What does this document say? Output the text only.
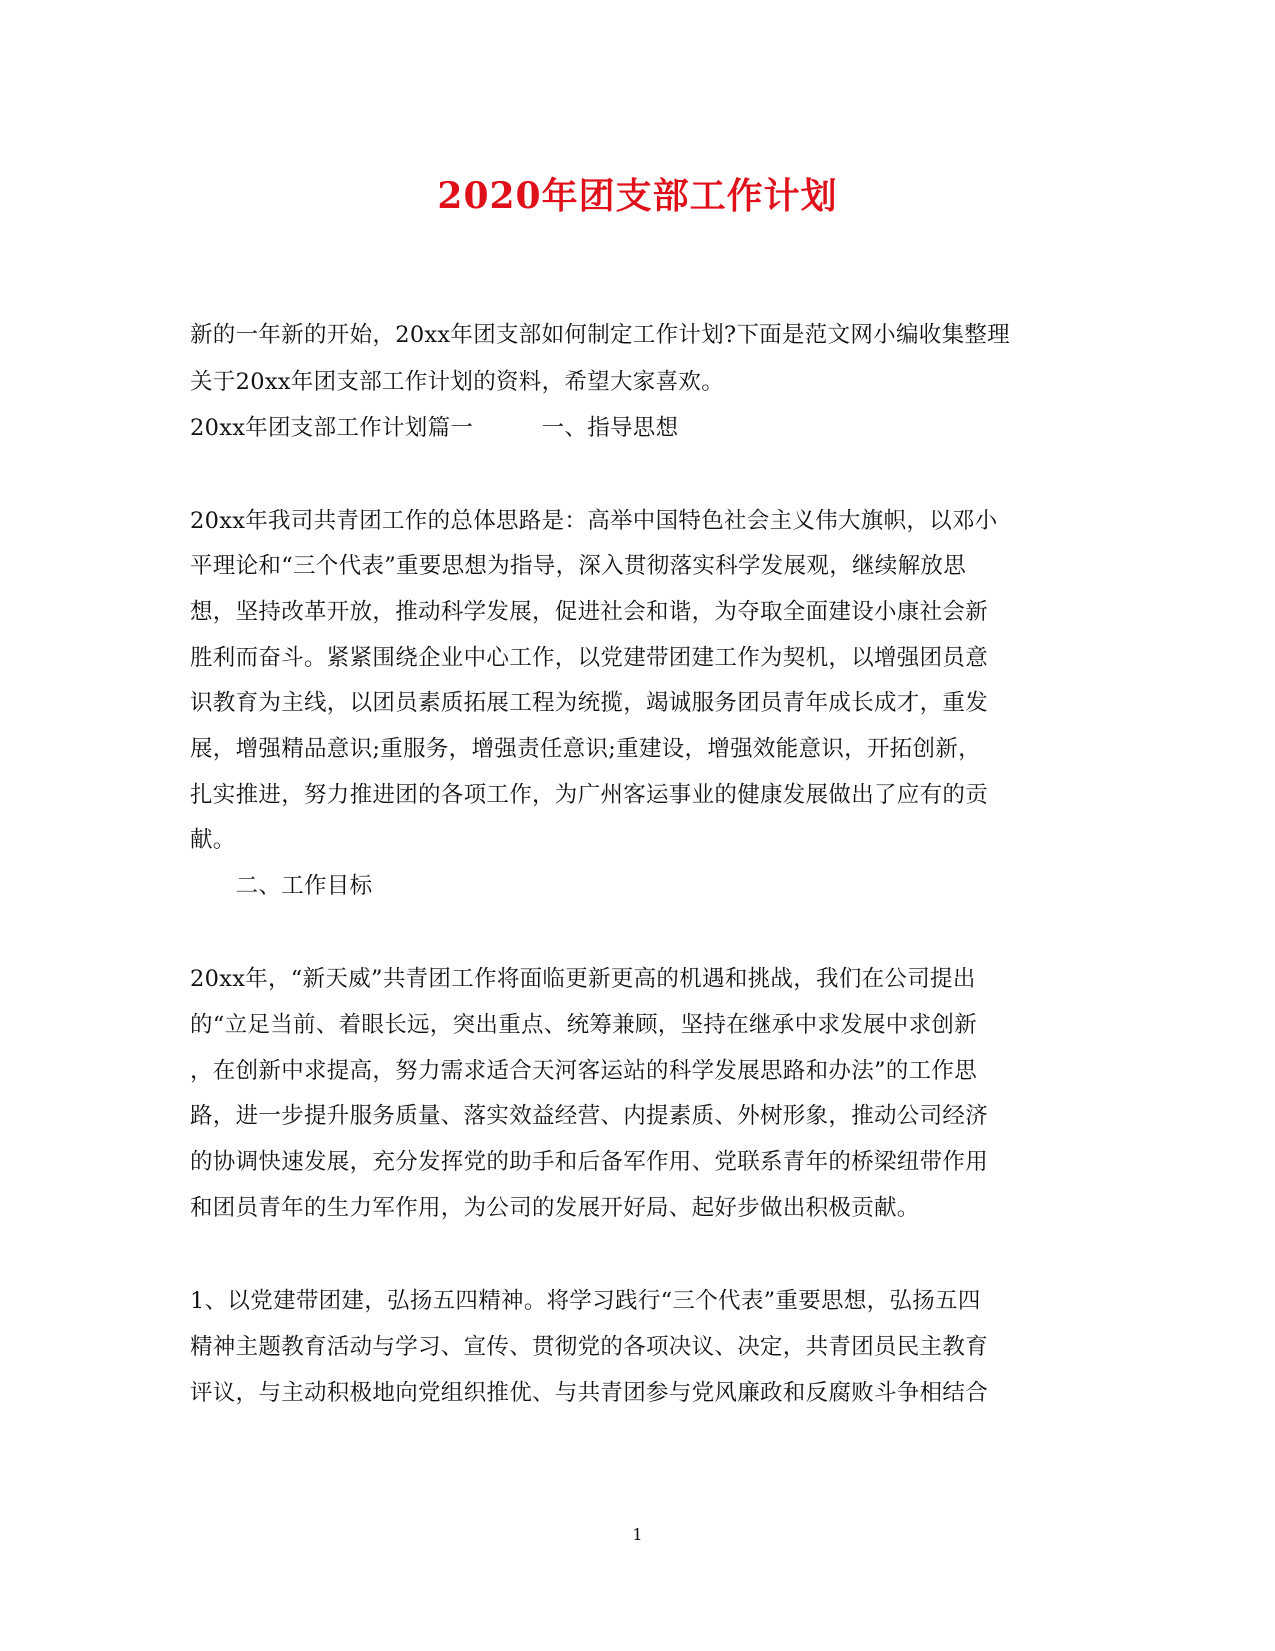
2020年团支部工作计划
新的一年新的开始，20xx年团支部如何制定工作计划?下面是范文网小编收集整理
关于20xx年团支部工作计划的资料，希望大家喜欢。
20xx年团支部工作计划篇一　　　一、指导思想
20xx年我司共青团工作的总体思路是：高举中国特色社会主义伟大旗帜，以邓小
平理论和“三个代表”重要思想为指导，深入贯彻落实科学发展观，继续解放思
想，坚持改革开放，推动科学发展，促进社会和谐，为夺取全面建设小康社会新
胜利而奋斗。紧紧围绕企业中心工作，以党建带团建工作为契机，以增强团员意
识教育为主线，以团员素质拓展工程为统揽，竭诚服务团员青年成长成才，重发
展，增强精品意识;重服务，增强责任意识;重建设，增强效能意识，开拓创新，
扎实推进，努力推进团的各项工作，为广州客运事业的健康发展做出了应有的贡
献。
　　二、工作目标
20xx年，“新天威”共青团工作将面临更新更高的机遇和挑战，我们在公司提出
的“立足当前、着眼长远，突出重点、统筹兼顾，坚持在继承中求发展中求创新
，在创新中求提高，努力需求适合天河客运站的科学发展思路和办法”的工作思
路，进一步提升服务质量、落实效益经营、内提素质、外树形象，推动公司经济
的协调快速发展，充分发挥党的助手和后备军作用、党联系青年的桥梁纽带作用
和团员青年的生力军作用，为公司的发展开好局、起好步做出积极贡献。
1、以党建带团建，弘扬五四精神。将学习践行“三个代表”重要思想，弘扬五四
精神主题教育活动与学习、宣传、贯彻党的各项决议、决定，共青团员民主教育
评议，与主动积极地向党组织推优、与共青团参与党风廉政和反腐败斗争相结合
1
